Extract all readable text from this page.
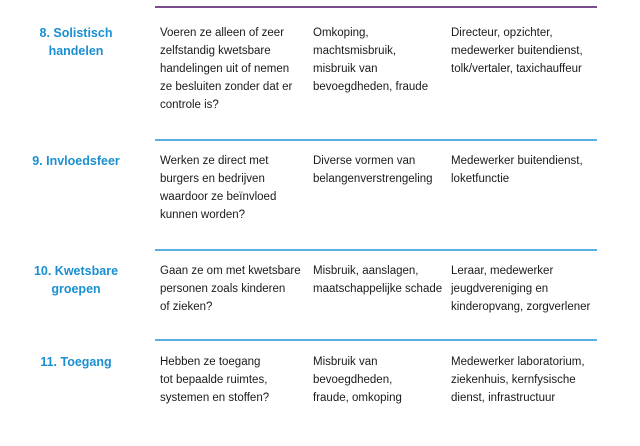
8. Solistisch
handelen
Voeren ze alleen of zeer
zelfstandig kwetsbare
handelingen uit of nemen
ze besluiten zonder dat er
controle is?
Omkoping,
machtsmisbruik,
misbruik van
bevoegdheden, fraude
Directeur, opzichter,
medewerker buitendienst,
tolk/vertaler, taxichauffeur
9. Invloedsfeer	Werken ze direct met
burgers en bedrijven
waardoor ze beïnvloed
kunnen worden?
Diverse vormen van
belangenverstrengeling
Medewerker buitendienst,
loketfunctie
10. Kwetsbare
groepen
Gaan ze om met kwetsbare
personen zoals kinderen
of zieken?
Misbruik, aanslagen,
maatschappelijke schade
Leraar, medewerker
jeugdvereniging en
kinderopvang, zorgverlener
11. Toegang	Hebben ze toegang
tot bepaalde ruimtes,
systemen en stoffen?
Misbruik van
bevoegdheden,
fraude, omkoping
Medewerker laboratorium,
ziekenhuis, kernfysische
dienst, infrastructuur
